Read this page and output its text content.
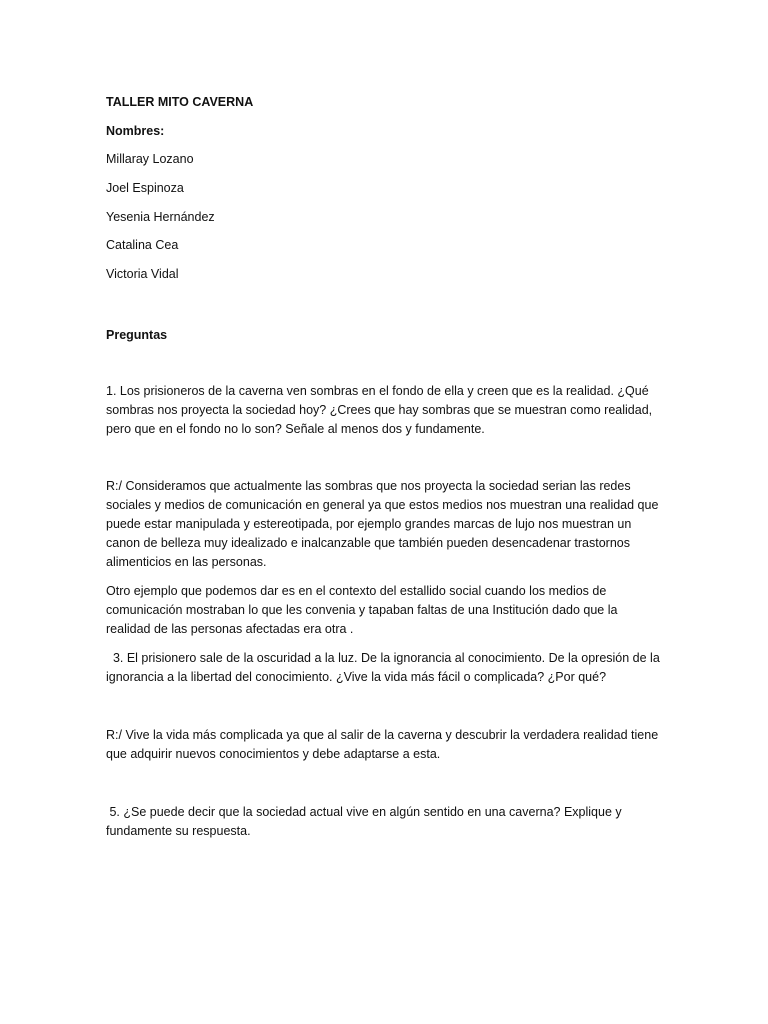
TALLER MITO CAVERNA
Nombres:
Millaray Lozano
Joel Espinoza
Yesenia Hernández
Catalina Cea
Victoria Vidal
Preguntas
1. Los prisioneros de la caverna ven sombras en el fondo de ella y creen que es la realidad. ¿Qué
sombras nos proyecta la sociedad hoy? ¿Crees que hay sombras que se muestran como realidad,
pero que en el fondo no lo son? Señale al menos dos y fundamente.
R:/ Consideramos que actualmente las sombras que nos proyecta la sociedad serian las redes
sociales y medios de comunicación en general ya que estos medios nos muestran una realidad que
puede estar manipulada y estereotipada, por ejemplo grandes marcas de lujo nos muestran un
canon de belleza muy idealizado e inalcanzable que también pueden desencadenar trastornos
alimenticios en las personas.
Otro ejemplo que podemos dar es en el contexto del estallido social cuando los medios de
comunicación mostraban lo que les convenia y tapaban faltas de una Institución dado que la
realidad de las personas afectadas era otra .
3. El prisionero sale de la oscuridad a la luz. De la ignorancia al conocimiento. De la opresión de la
ignorancia a la libertad del conocimiento. ¿Vive la vida más fácil o complicada? ¿Por qué?
R:/ Vive la vida más complicada ya que al salir de la caverna y descubrir la verdadera realidad tiene
que adquirir nuevos conocimientos y debe adaptarse a esta.
5. ¿Se puede decir que la sociedad actual vive en algún sentido en una caverna? Explique y
fundamente su respuesta.
